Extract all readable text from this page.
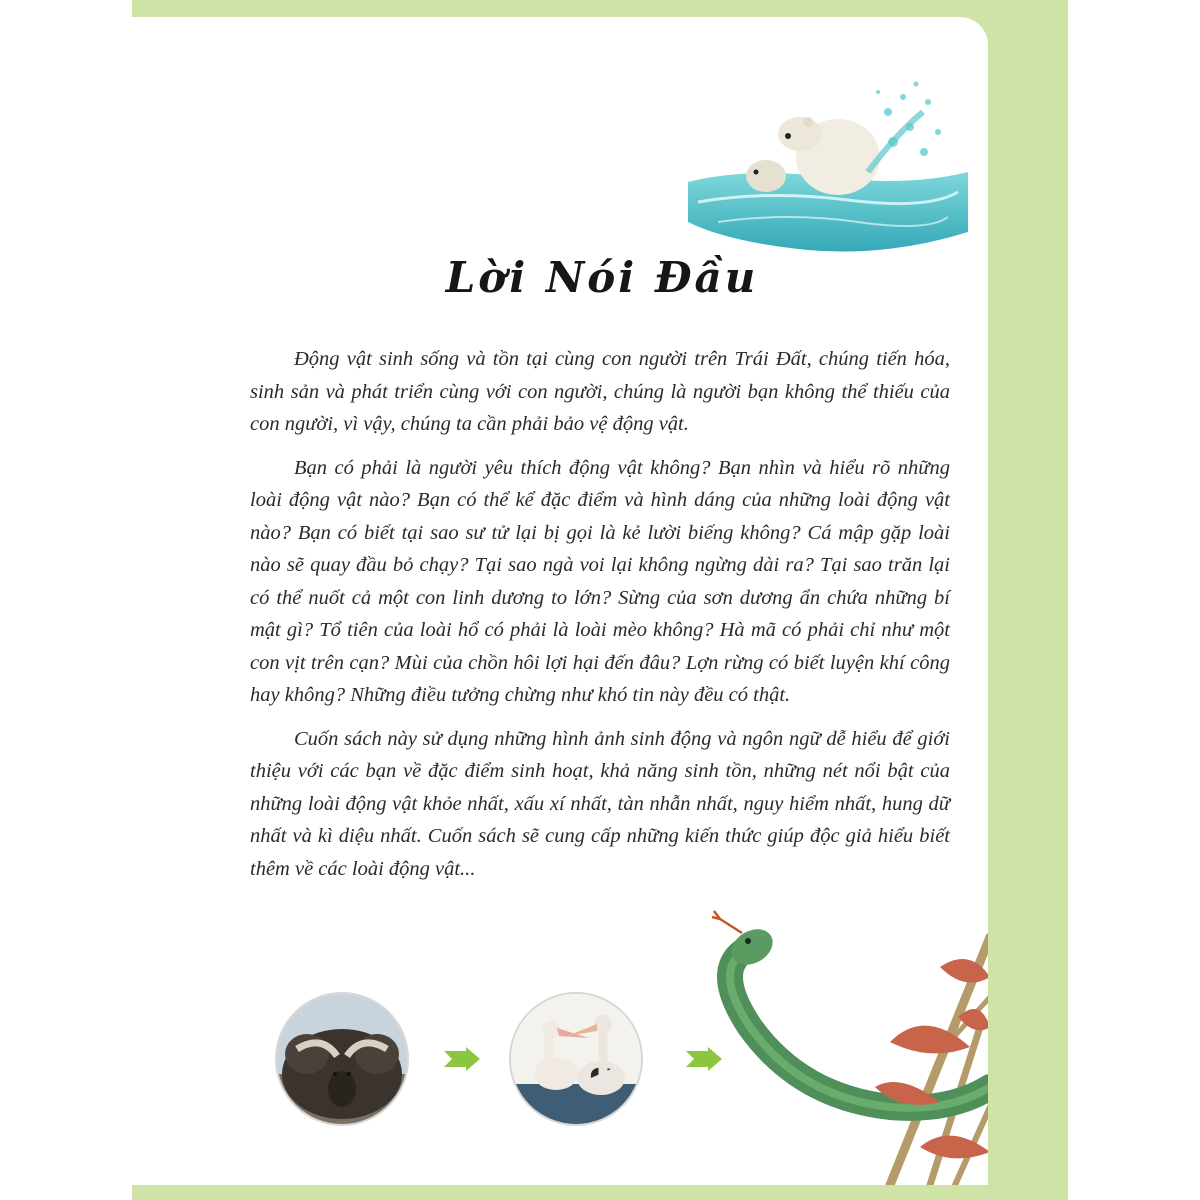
Lời Nói Đầu

Động vật sinh sống và tồn tại cùng con người trên Trái Đất, chúng tiến hóa, sinh sản và phát triển cùng với con người, chúng là người bạn không thể thiếu của con người, vì vậy, chúng ta cần phải bảo vệ động vật.

Bạn có phải là người yêu thích động vật không? Bạn nhìn và hiểu rõ những loài động vật nào? Bạn có thể kể đặc điểm và hình dáng của những loài động vật nào? Bạn có biết tại sao sư tử lại bị gọi là kẻ lười biếng không? Cá mập gặp loài nào sẽ quay đầu bỏ chạy? Tại sao ngà voi lại không ngừng dài ra? Tại sao trăn lại có thể nuốt cả một con linh dương to lớn? Sừng của sơn dương ẩn chứa những bí mật gì? Tổ tiên của loài hổ có phải là loài mèo không? Hà mã có phải chỉ như một con vịt trên cạn? Mùi của chồn hôi lợi hại đến đâu? Lợn rừng có biết luyện khí công hay không? Những điều tưởng chừng như khó tin này đều có thật.

Cuốn sách này sử dụng những hình ảnh sinh động và ngôn ngữ dễ hiểu để giới thiệu với các bạn về đặc điểm sinh hoạt, khả năng sinh tồn, những nét nổi bật của những loài động vật khỏe nhất, xấu xí nhất, tàn nhẫn nhất, nguy hiểm nhất, hung dữ nhất và kì diệu nhất. Cuốn sách sẽ cung cấp những kiến thức giúp độc giả hiểu biết thêm về các loài động vật...
